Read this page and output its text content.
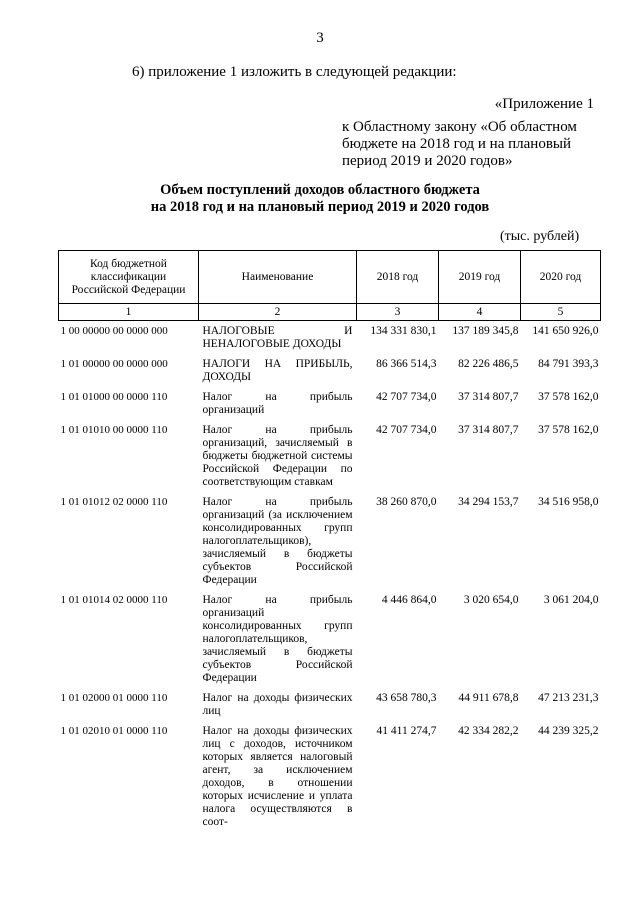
3
6) приложение 1 изложить в следующей редакции:
«Приложение 1
к Областному закону «Об областном бюджете на 2018 год и на плановый период 2019 и 2020 годов»
Объем поступлений доходов областного бюджета
на 2018 год и на плановый период 2019 и 2020 годов
(тыс. рублей)
Код бюджетной классификации Российской Федерации	Наименование	2018 год	2019 год	2020 год
1	2	3	4	5
1 00 00000 00 0000 000	НАЛОГОВЫЕ И НЕНАЛОГОВЫЕ ДОХОДЫ	134 331 830,1	137 189 345,8	141 650 926,0
1 01 00000 00 0000 000	НАЛОГИ НА ПРИБЫЛЬ, ДОХОДЫ	86 366 514,3	82 226 486,5	84 791 393,3
1 01 01000 00 0000 110	Налог на прибыль организаций	42 707 734,0	37 314 807,7	37 578 162,0
1 01 01010 00 0000 110	Налог на прибыль организаций, зачисляемый в бюджеты бюджетной системы Российской Федерации по соответствующим ставкам	42 707 734,0	37 314 807,7	37 578 162,0
1 01 01012 02 0000 110	Налог на прибыль организаций (за исключением консолидированных групп налогоплательщиков), зачисляемый в бюджеты субъектов Российской Федерации	38 260 870,0	34 294 153,7	34 516 958,0
1 01 01014 02 0000 110	Налог на прибыль организаций консолидированных групп налогоплательщиков, зачисляемый в бюджеты субъектов Российской Федерации	4 446 864,0	3 020 654,0	3 061 204,0
1 01 02000 01 0000 110	Налог на доходы физических лиц	43 658 780,3	44 911 678,8	47 213 231,3
1 01 02010 01 0000 110	Налог на доходы физических лиц с доходов, источником которых является налоговый агент, за исключением доходов, в отношении которых исчисление и уплата налога осуществляются в соот-	41 411 274,7	42 334 282,2	44 239 325,2
